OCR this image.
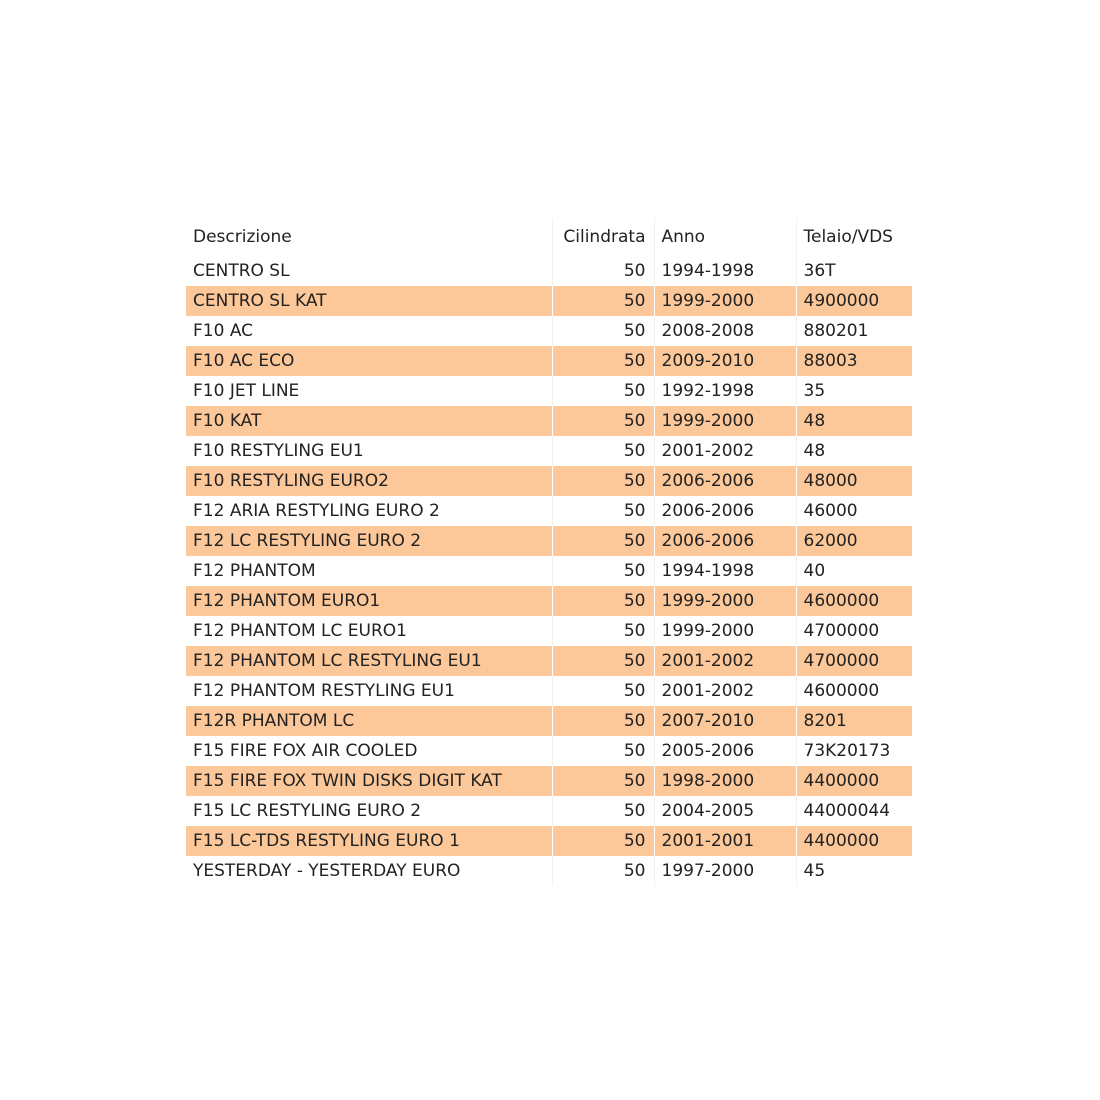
Descrizione	Cilindrata	Anno	Telaio/VDS
CENTRO SL	50	1994-1998	36T
CENTRO SL KAT	50	1999-2000	4900000
F10 AC	50	2008-2008	880201
F10 AC ECO	50	2009-2010	88003
F10 JET LINE	50	1992-1998	35
F10 KAT	50	1999-2000	48
F10 RESTYLING EU1	50	2001-2002	48
F10 RESTYLING EURO2	50	2006-2006	48000
F12 ARIA RESTYLING EURO 2	50	2006-2006	46000
F12 LC RESTYLING EURO 2	50	2006-2006	62000
F12 PHANTOM	50	1994-1998	40
F12 PHANTOM EURO1	50	1999-2000	4600000
F12 PHANTOM LC EURO1	50	1999-2000	4700000
F12 PHANTOM LC RESTYLING EU1	50	2001-2002	4700000
F12 PHANTOM RESTYLING EU1	50	2001-2002	4600000
F12R PHANTOM LC	50	2007-2010	8201
F15 FIRE FOX AIR COOLED	50	2005-2006	73K20173
F15 FIRE FOX TWIN DISKS DIGIT KAT	50	1998-2000	4400000
F15 LC RESTYLING EURO 2	50	2004-2005	44000044
F15 LC-TDS RESTYLING EURO 1	50	2001-2001	4400000
YESTERDAY - YESTERDAY EURO	50	1997-2000	45
